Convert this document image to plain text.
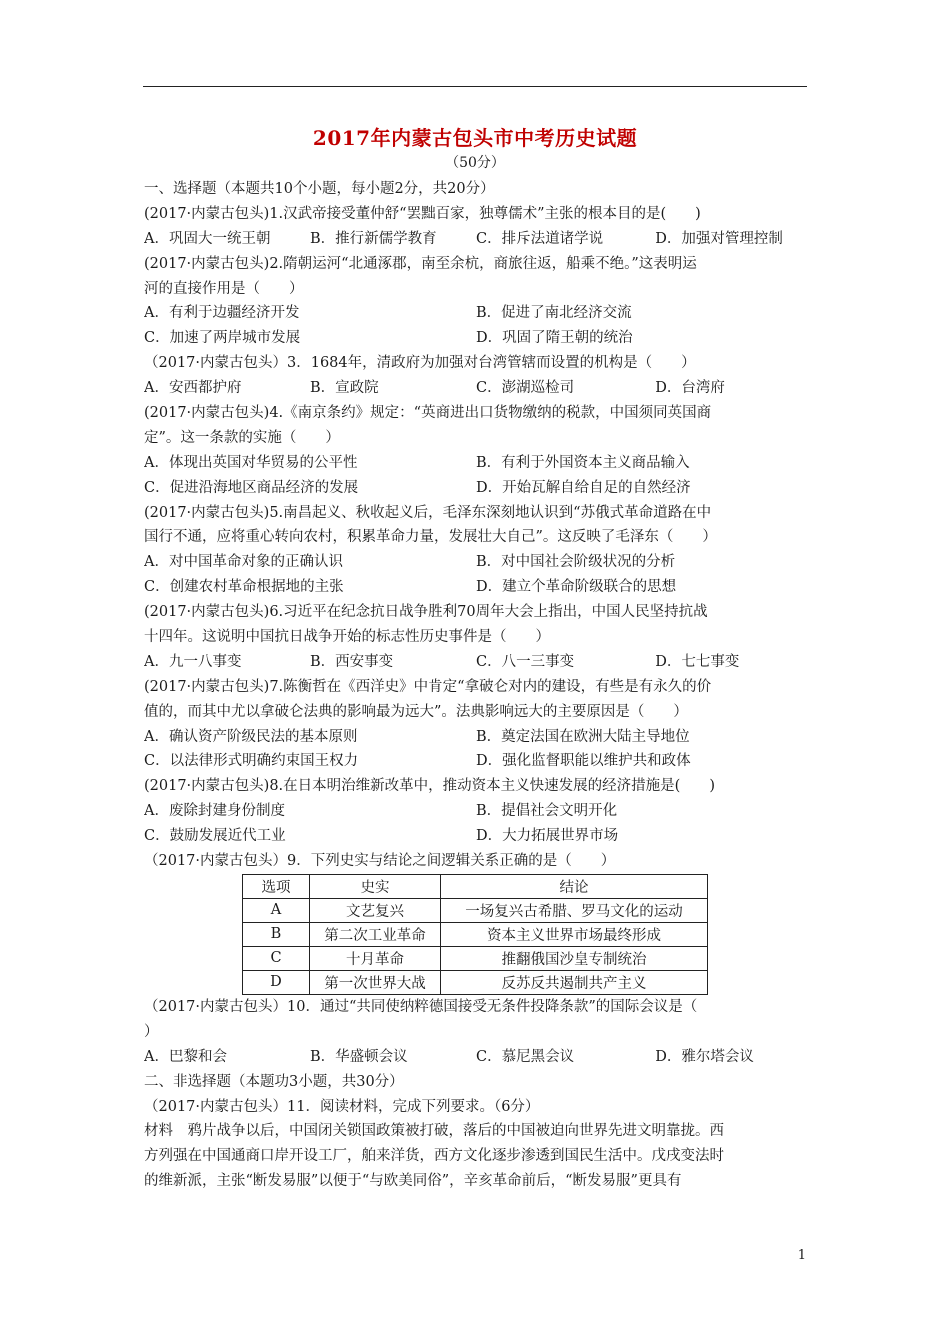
2017年内蒙古包头市中考历史试题
（50分）
一、选择题（本题共10个小题，每小题2分，共20分）
(2017·内蒙古包头)1.汉武帝接受董仲舒“罢黜百家，独尊儒术”主张的根本目的是(　　)
A．巩固大一统王朝	B．推行新儒学教育	C．排斥法道诸学说	D．加强对管理控制
(2017·内蒙古包头)2.隋朝运河“北通涿郡，南至余杭，商旅往返，船乘不绝。”这表明运
河的直接作用是（　　）
A．有利于边疆经济开发	B．促进了南北经济交流
C．加速了两岸城市发展	D．巩固了隋王朝的统治
（2017·内蒙古包头）3．1684年，清政府为加强对台湾管辖而设置的机构是（　　）
A．安西都护府	B．宣政院	C．澎湖巡检司	D．台湾府
(2017·内蒙古包头)4.《南京条约》规定：“英商进出口货物缴纳的税款，中国须同英国商
定”。这一条款的实施（　　）
A．体现出英国对华贸易的公平性	B．有利于外国资本主义商品输入
C．促进沿海地区商品经济的发展	D．开始瓦解自给自足的自然经济
(2017·内蒙古包头)5.南昌起义、秋收起义后，毛泽东深刻地认识到“苏俄式革命道路在中
国行不通，应将重心转向农村，积累革命力量，发展壮大自己”。这反映了毛泽东（　　）
A．对中国革命对象的正确认识	B．对中国社会阶级状况的分析
C．创建农村革命根据地的主张	D．建立个革命阶级联合的思想
(2017·内蒙古包头)6.习近平在纪念抗日战争胜利70周年大会上指出，中国人民坚持抗战
十四年。这说明中国抗日战争开始的标志性历史事件是（　　）
A．九一八事变	B．西安事变	C．八一三事变	D．七七事变
(2017·内蒙古包头)7.陈衡哲在《西洋史》中肯定“拿破仑对内的建设，有些是有永久的价
值的，而其中尤以拿破仑法典的影响最为远大”。法典影响远大的主要原因是（　　）
A．确认资产阶级民法的基本原则	B．奠定法国在欧洲大陆主导地位
C．以法律形式明确约束国王权力	D．强化监督职能以维护共和政体
(2017·内蒙古包头)8.在日本明治维新改革中，推动资本主义快速发展的经济措施是(　　)
A．废除封建身份制度	B．提倡社会文明开化
C．鼓励发展近代工业	D．大力拓展世界市场
（2017·内蒙古包头）9．下列史实与结论之间逻辑关系正确的是（　　）
选项	史实	结论
A	文艺复兴	一场复兴古希腊、罗马文化的运动
B	第二次工业革命	资本主义世界市场最终形成
C	十月革命	推翻俄国沙皇专制统治
D	第一次世界大战	反苏反共遏制共产主义
（2017·内蒙古包头）10．通过“共同使纳粹德国接受无条件投降条款”的国际会议是（
）
A．巴黎和会	B．华盛顿会议	C．慕尼黑会议	D．雅尔塔会议
二、非选择题（本题功3小题，共30分）
（2017·内蒙古包头）11．阅读材料，完成下列要求。（6分）
材料　鸦片战争以后，中国闭关锁国政策被打破，落后的中国被迫向世界先进文明靠拢。西
方列强在中国通商口岸开设工厂，舶来洋货，西方文化逐步渗透到国民生活中。戊戌变法时
的维新派，主张“断发易服”以便于“与欧美同俗”，辛亥革命前后，“断发易服”更具有
1
